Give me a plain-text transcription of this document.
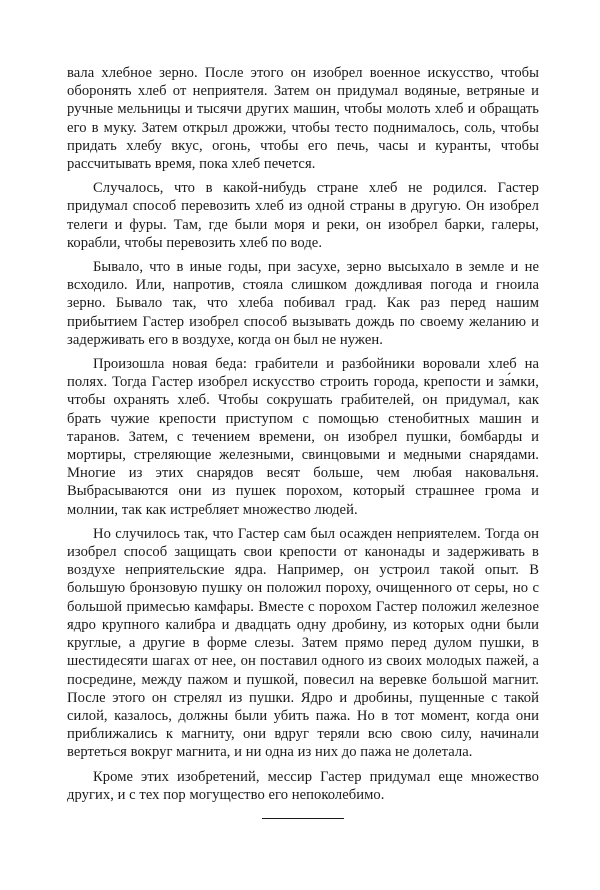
вала хлебное зерно. После этого он изобрел военное искусство, чтобы оборонять хлеб от неприятеля. Затем он придумал водяные, ветряные и ручные мельницы и тысячи других машин, чтобы молоть хлеб и обращать его в муку. Затем открыл дрожжи, чтобы тесто поднималось, соль, чтобы придать хлебу вкус, огонь, чтобы его печь, часы и куранты, чтобы рассчитывать время, пока хлеб печется.

Случалось, что в какой-нибудь стране хлеб не родился. Гастер придумал способ перевозить хлеб из одной страны в другую. Он изобрел телеги и фуры. Там, где были моря и реки, он изобрел барки, галеры, корабли, чтобы перевозить хлеб по воде.

Бывало, что в иные годы, при засухе, зерно высыхало в земле и не всходило. Или, напротив, стояла слишком дождливая погода и гноила зерно. Бывало так, что хлеба побивал град. Как раз перед нашим прибытием Гастер изобрел способ вызывать дождь по своему желанию и задерживать его в воздухе, когда он был не нужен.

Произошла новая беда: грабители и разбойники воровали хлеб на полях. Тогда Гастер изобрел искусство строить города, крепости и за́мки, чтобы охранять хлеб. Чтобы сокрушать грабителей, он придумал, как брать чужие крепости приступом с помощью стенобитных машин и таранов. Затем, с течением времени, он изобрел пушки, бомбарды и мортиры, стреляющие железными, свинцовыми и медными снарядами. Многие из этих снарядов весят больше, чем любая наковальня. Выбрасываются они из пушек порохом, который страшнее грома и молнии, так как истребляет множество людей.

Но случилось так, что Гастер сам был осажден неприятелем. Тогда он изобрел способ защищать свои крепости от канонады и задерживать в воздухе неприятельские ядра. Например, он устроил такой опыт. В большую бронзовую пушку он положил пороху, очищенного от серы, но с большой примесью камфары. Вместе с порохом Гастер положил железное ядро крупного калибра и двадцать одну дробину, из которых одни были круглые, а другие в форме слезы. Затем прямо перед дулом пушки, в шестидесяти шагах от нее, он поставил одного из своих молодых пажей, а посредине, между пажом и пушкой, повесил на веревке большой магнит. После этого он стрелял из пушки. Ядро и дробины, пущенные с такой силой, казалось, должны были убить пажа. Но в тот момент, когда они приближались к магниту, они вдруг теряли всю свою силу, начинали вертеться вокруг магнита, и ни одна из них до пажа не долетала.

Кроме этих изобретений, мессир Гастер придумал еще множество других, и с тех пор могущество его непоколебимо.
